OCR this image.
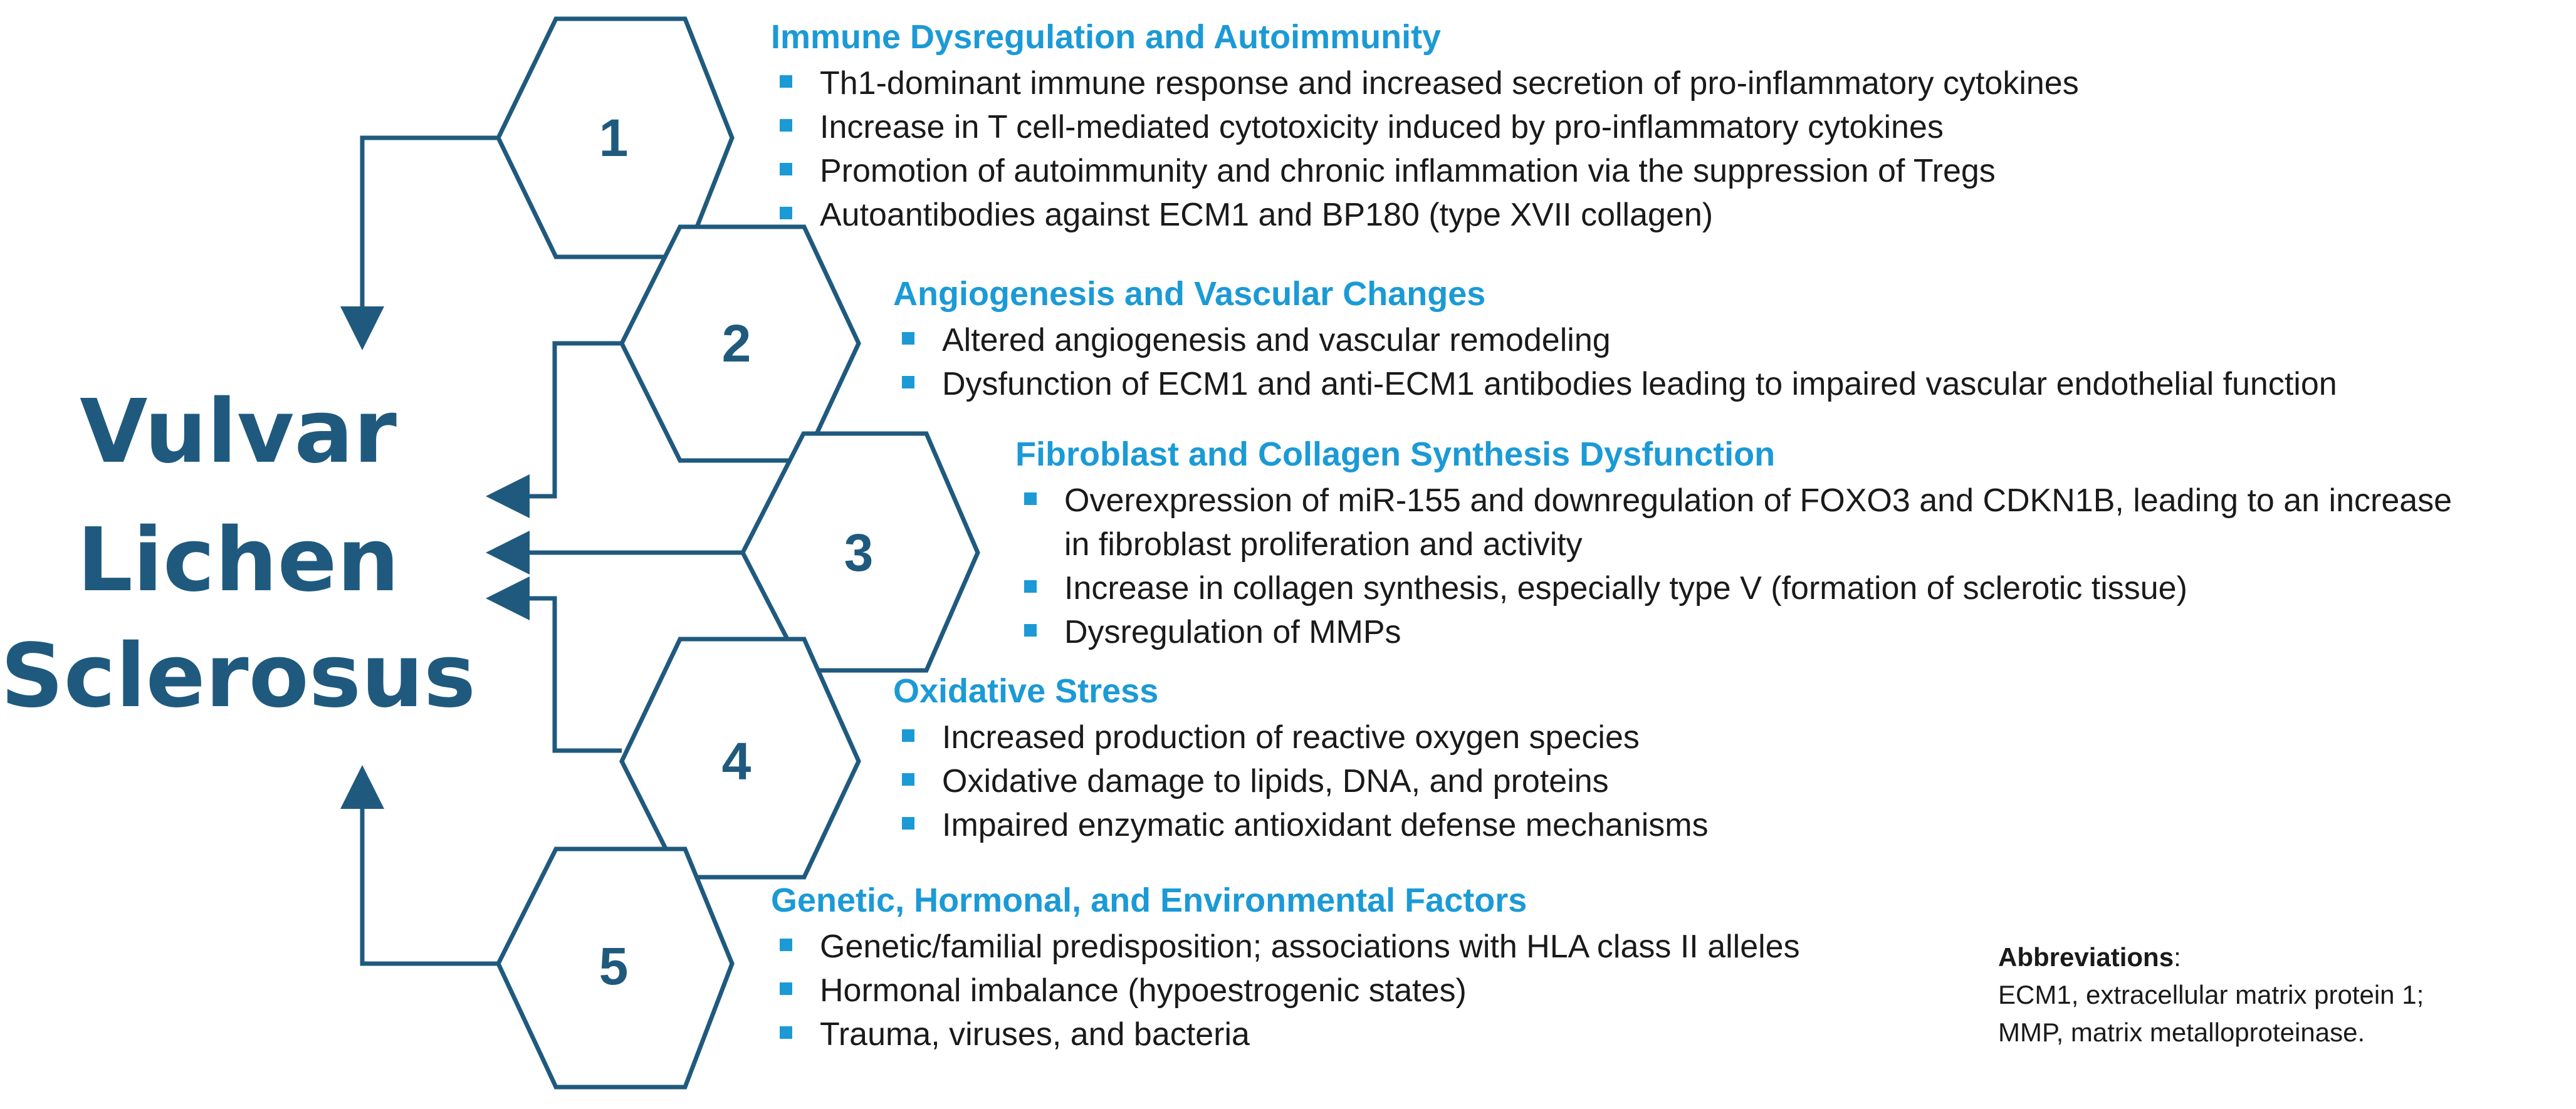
1
2
3
4
5
Vulvar
Lichen
Sclerosus
Immune Dysregulation and Autoimmunity
Th1-dominant immune response and increased secretion of pro-inflammatory cytokines
Increase in T cell-mediated cytotoxicity induced by pro-inflammatory cytokines
Promotion of autoimmunity and chronic inflammation via the suppression of Tregs
Autoantibodies against ECM1 and BP180 (type XVII collagen)
Angiogenesis and Vascular Changes
Altered angiogenesis and vascular remodeling
Dysfunction of ECM1 and anti-ECM1 antibodies leading to impaired vascular endothelial function
Fibroblast and Collagen Synthesis Dysfunction
Overexpression of miR-155 and downregulation of FOXO3 and CDKN1B, leading to an increase
in fibroblast proliferation and activity
Increase in collagen synthesis, especially type V (formation of sclerotic tissue)
Dysregulation of MMPs
Oxidative Stress
Increased production of reactive oxygen species
Oxidative damage to lipids, DNA, and proteins
Impaired enzymatic antioxidant defense mechanisms
Genetic, Hormonal, and Environmental Factors
Genetic/familial predisposition; associations with HLA class II alleles
Hormonal imbalance (hypoestrogenic states)
Trauma, viruses, and bacteria
Abbreviations:
ECM1, extracellular matrix protein 1;
MMP, matrix metalloproteinase.
